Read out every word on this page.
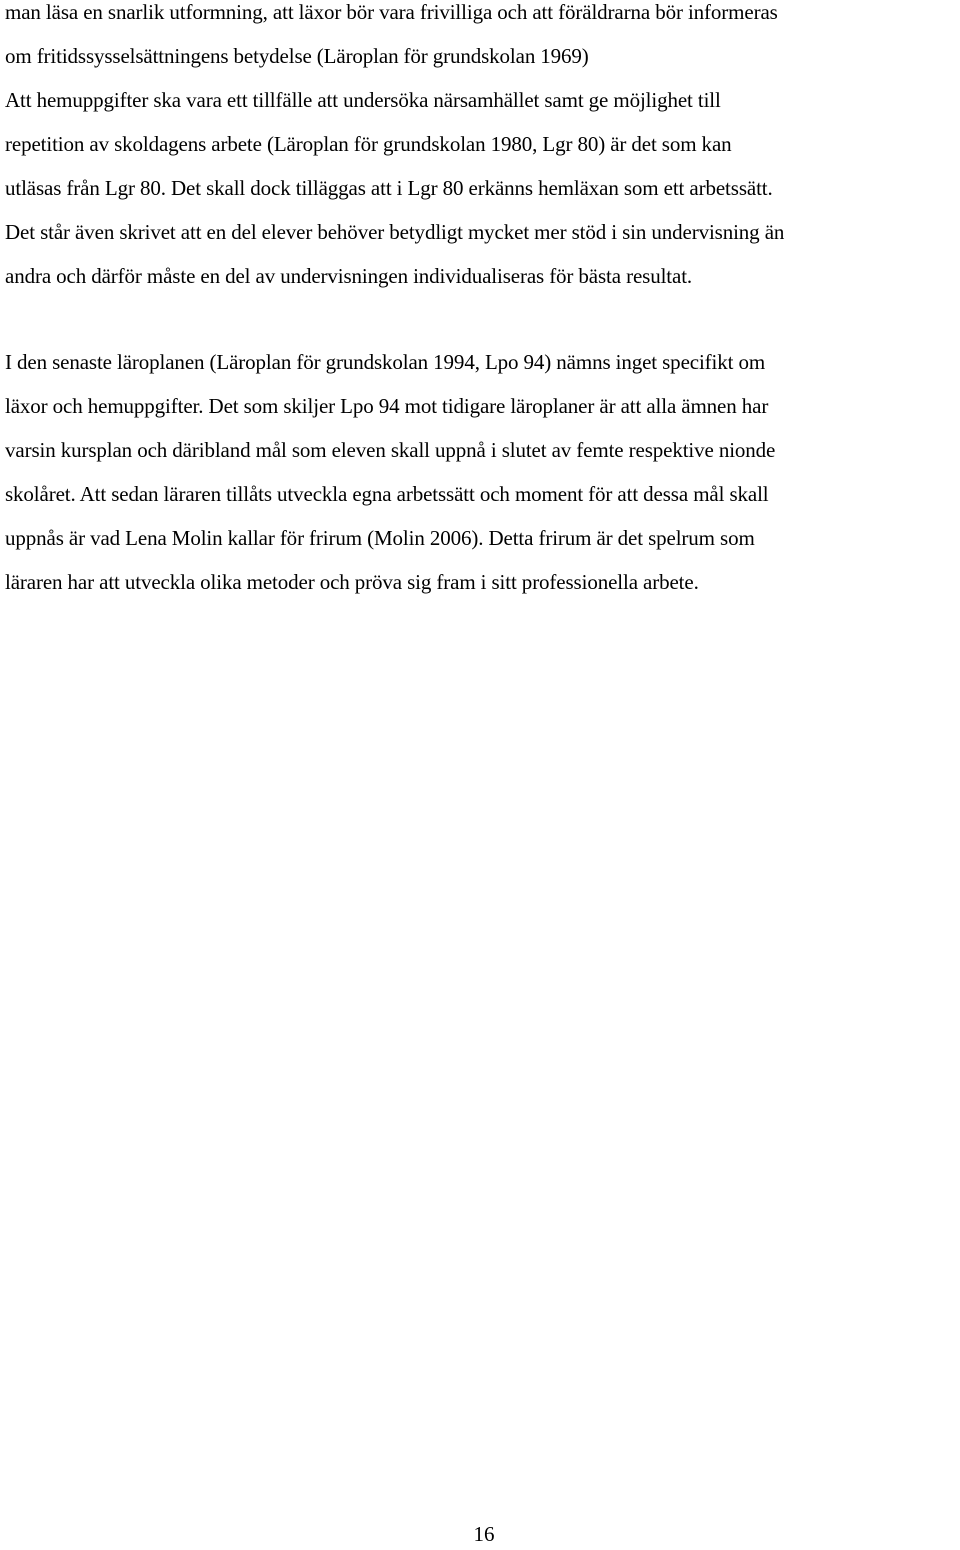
man läsa en snarlik utformning, att läxor bör vara frivilliga och att föräldrarna bör informeras
om fritidssysselsättningens betydelse (Läroplan för grundskolan 1969)
Att hemuppgifter ska vara ett tillfälle att undersöka närsamhället samt ge möjlighet till
repetition av skoldagens arbete (Läroplan för grundskolan 1980, Lgr 80) är det som kan
utläsas från Lgr 80. Det skall dock tilläggas att i Lgr 80 erkänns hemläxan som ett arbetssätt.
Det står även skrivet att en del elever behöver betydligt mycket mer stöd i sin undervisning än
andra och därför måste en del av undervisningen individualiseras för bästa resultat.
I den senaste läroplanen (Läroplan för grundskolan 1994, Lpo 94) nämns inget specifikt om
läxor och hemuppgifter. Det som skiljer Lpo 94 mot tidigare läroplaner är att alla ämnen har
varsin kursplan och däribland mål som eleven skall uppnå i slutet av femte respektive nionde
skolåret. Att sedan läraren tillåts utveckla egna arbetssätt och moment för att dessa mål skall
uppnås är vad Lena Molin kallar för frirum (Molin 2006). Detta frirum är det spelrum som
läraren har att utveckla olika metoder och pröva sig fram i sitt professionella arbete.
16
